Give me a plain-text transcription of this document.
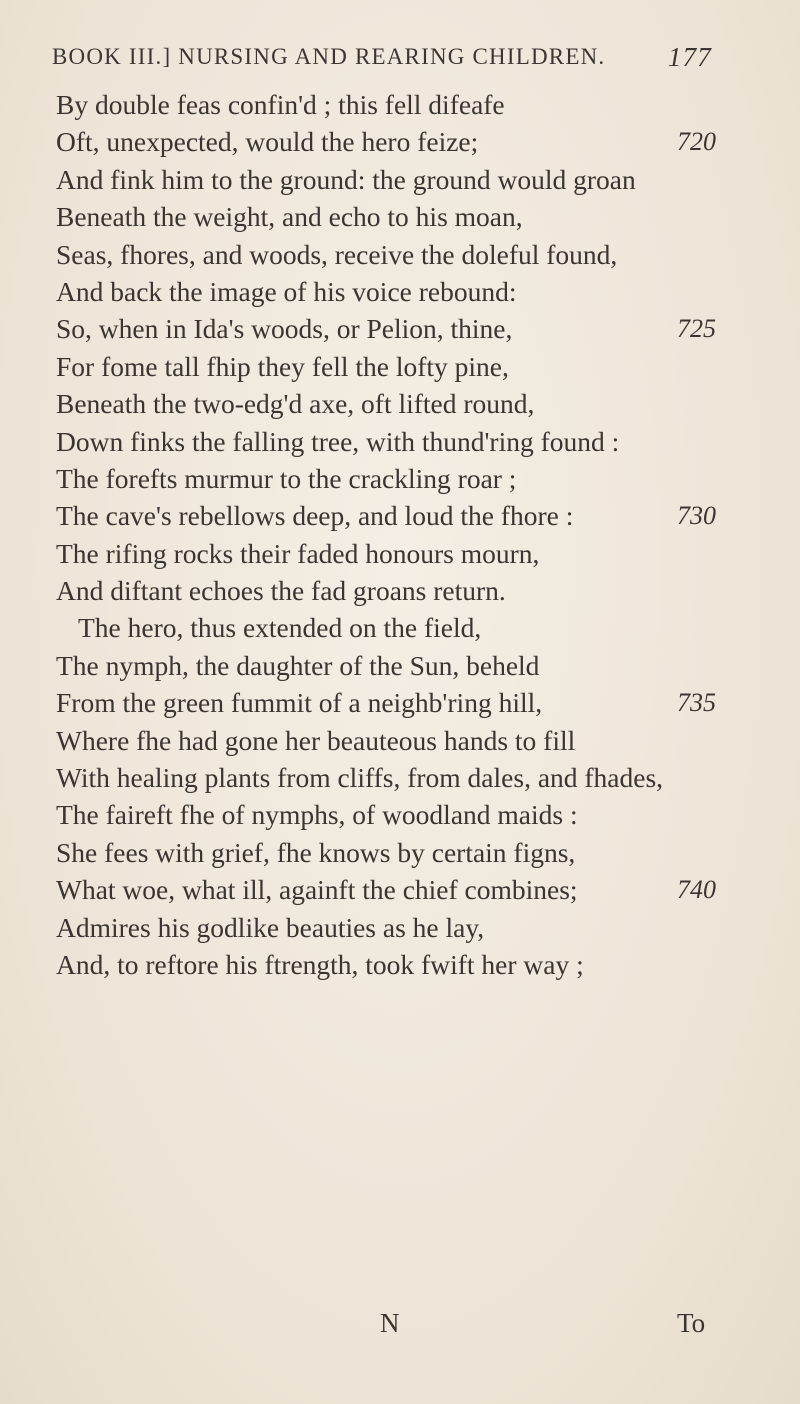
BOOK III.] NURSING AND REARING CHILDREN. 177
By double feas confin'd ; this fell difeafe
Oft, unexpected, would the hero feize;	720
And fink him to the ground: the ground would groan
Beneath the weight, and echo to his moan,
Seas, fhores, and woods, receive the doleful found,
And back the image of his voice rebound:
So, when in Ida's woods, or Pelion, thine,	725
For fome tall fhip they fell the lofty pine,
Beneath the two-edg'd axe, oft lifted round,
Down finks the falling tree, with thund'ring found :
The forefts murmur to the crackling roar ;
The cave's rebellows deep, and loud the fhore :	730
The rifing rocks their faded honours mourn,
And diftant echoes the fad groans return.
The hero, thus extended on the field,
The nymph, the daughter of the Sun, beheld
From the green fummit of a neighb'ring hill,	735
Where fhe had gone her beauteous hands to fill
With healing plants from cliffs, from dales, and fhades,
The faireft fhe of nymphs, of woodland maids :
She fees with grief, fhe knows by certain figns,
What woe, what ill, againft the chief combines;	740
Admires his godlike beauties as he lay,
And, to reftore his ftrength, took fwift her way ;
N	To
